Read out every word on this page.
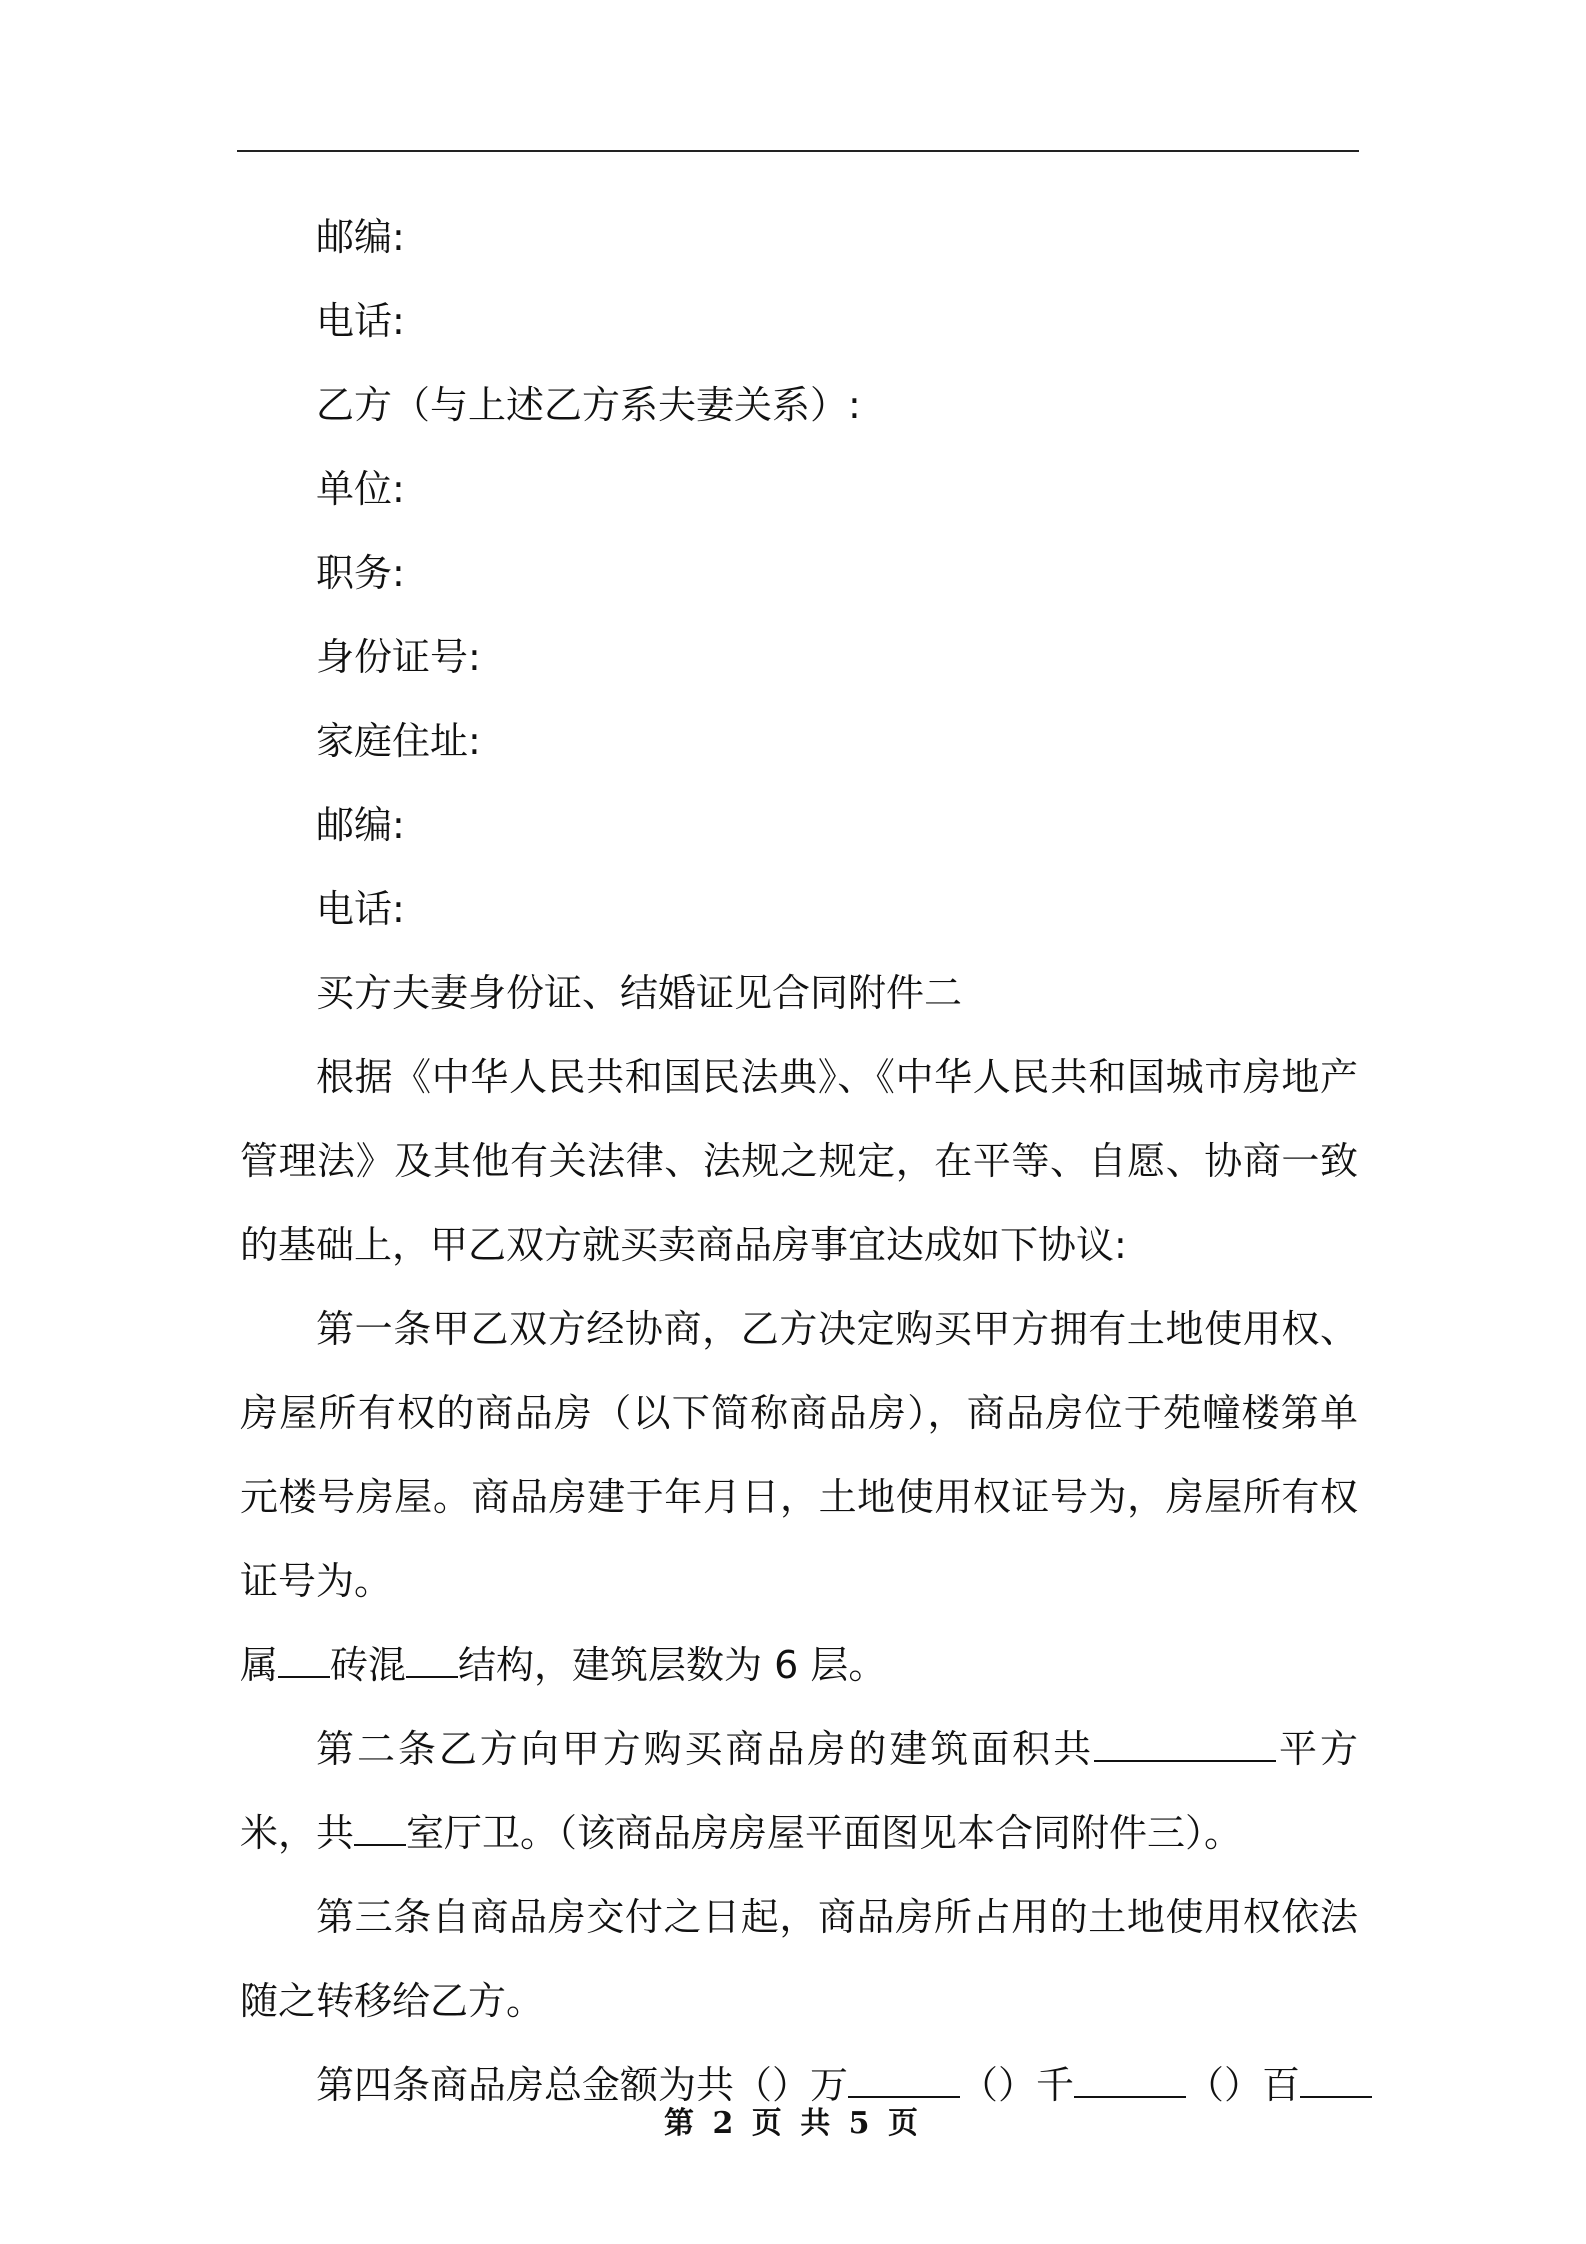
邮编:

电话:

乙方（与上述乙方系夫妻关系）:

单位:

职务:

身份证号:

家庭住址:

邮编:

电话:

买方夫妻身份证、结婚证见合同附件二

根据《中华人民共和国民法典》、《中华人民共和国城市房地产管理法》及其他有关法律、法规之规定，在平等、自愿、协商一致的基础上，甲乙双方就买卖商品房事宜达成如下协议:

第一条甲乙双方经协商，乙方决定购买甲方拥有土地使用权、房屋所有权的商品房（以下简称商品房），商品房位于苑幢楼第单元楼号房屋。商品房建于年月日，土地使用权证号为，房屋所有权证号为。

属 砖混 结构，建筑层数为 6 层。

第二条乙方向甲方购买商品房的建筑面积共	平方米，共 室厅卫。（该商品房房屋平面图见本合同附件三）。

第三条自商品房交付之日起，商品房所占用的土地使用权依法随之转移给乙方。

第四条商品房总金额为共（）万	（）千	（）百

第 2 页 共 5 页
